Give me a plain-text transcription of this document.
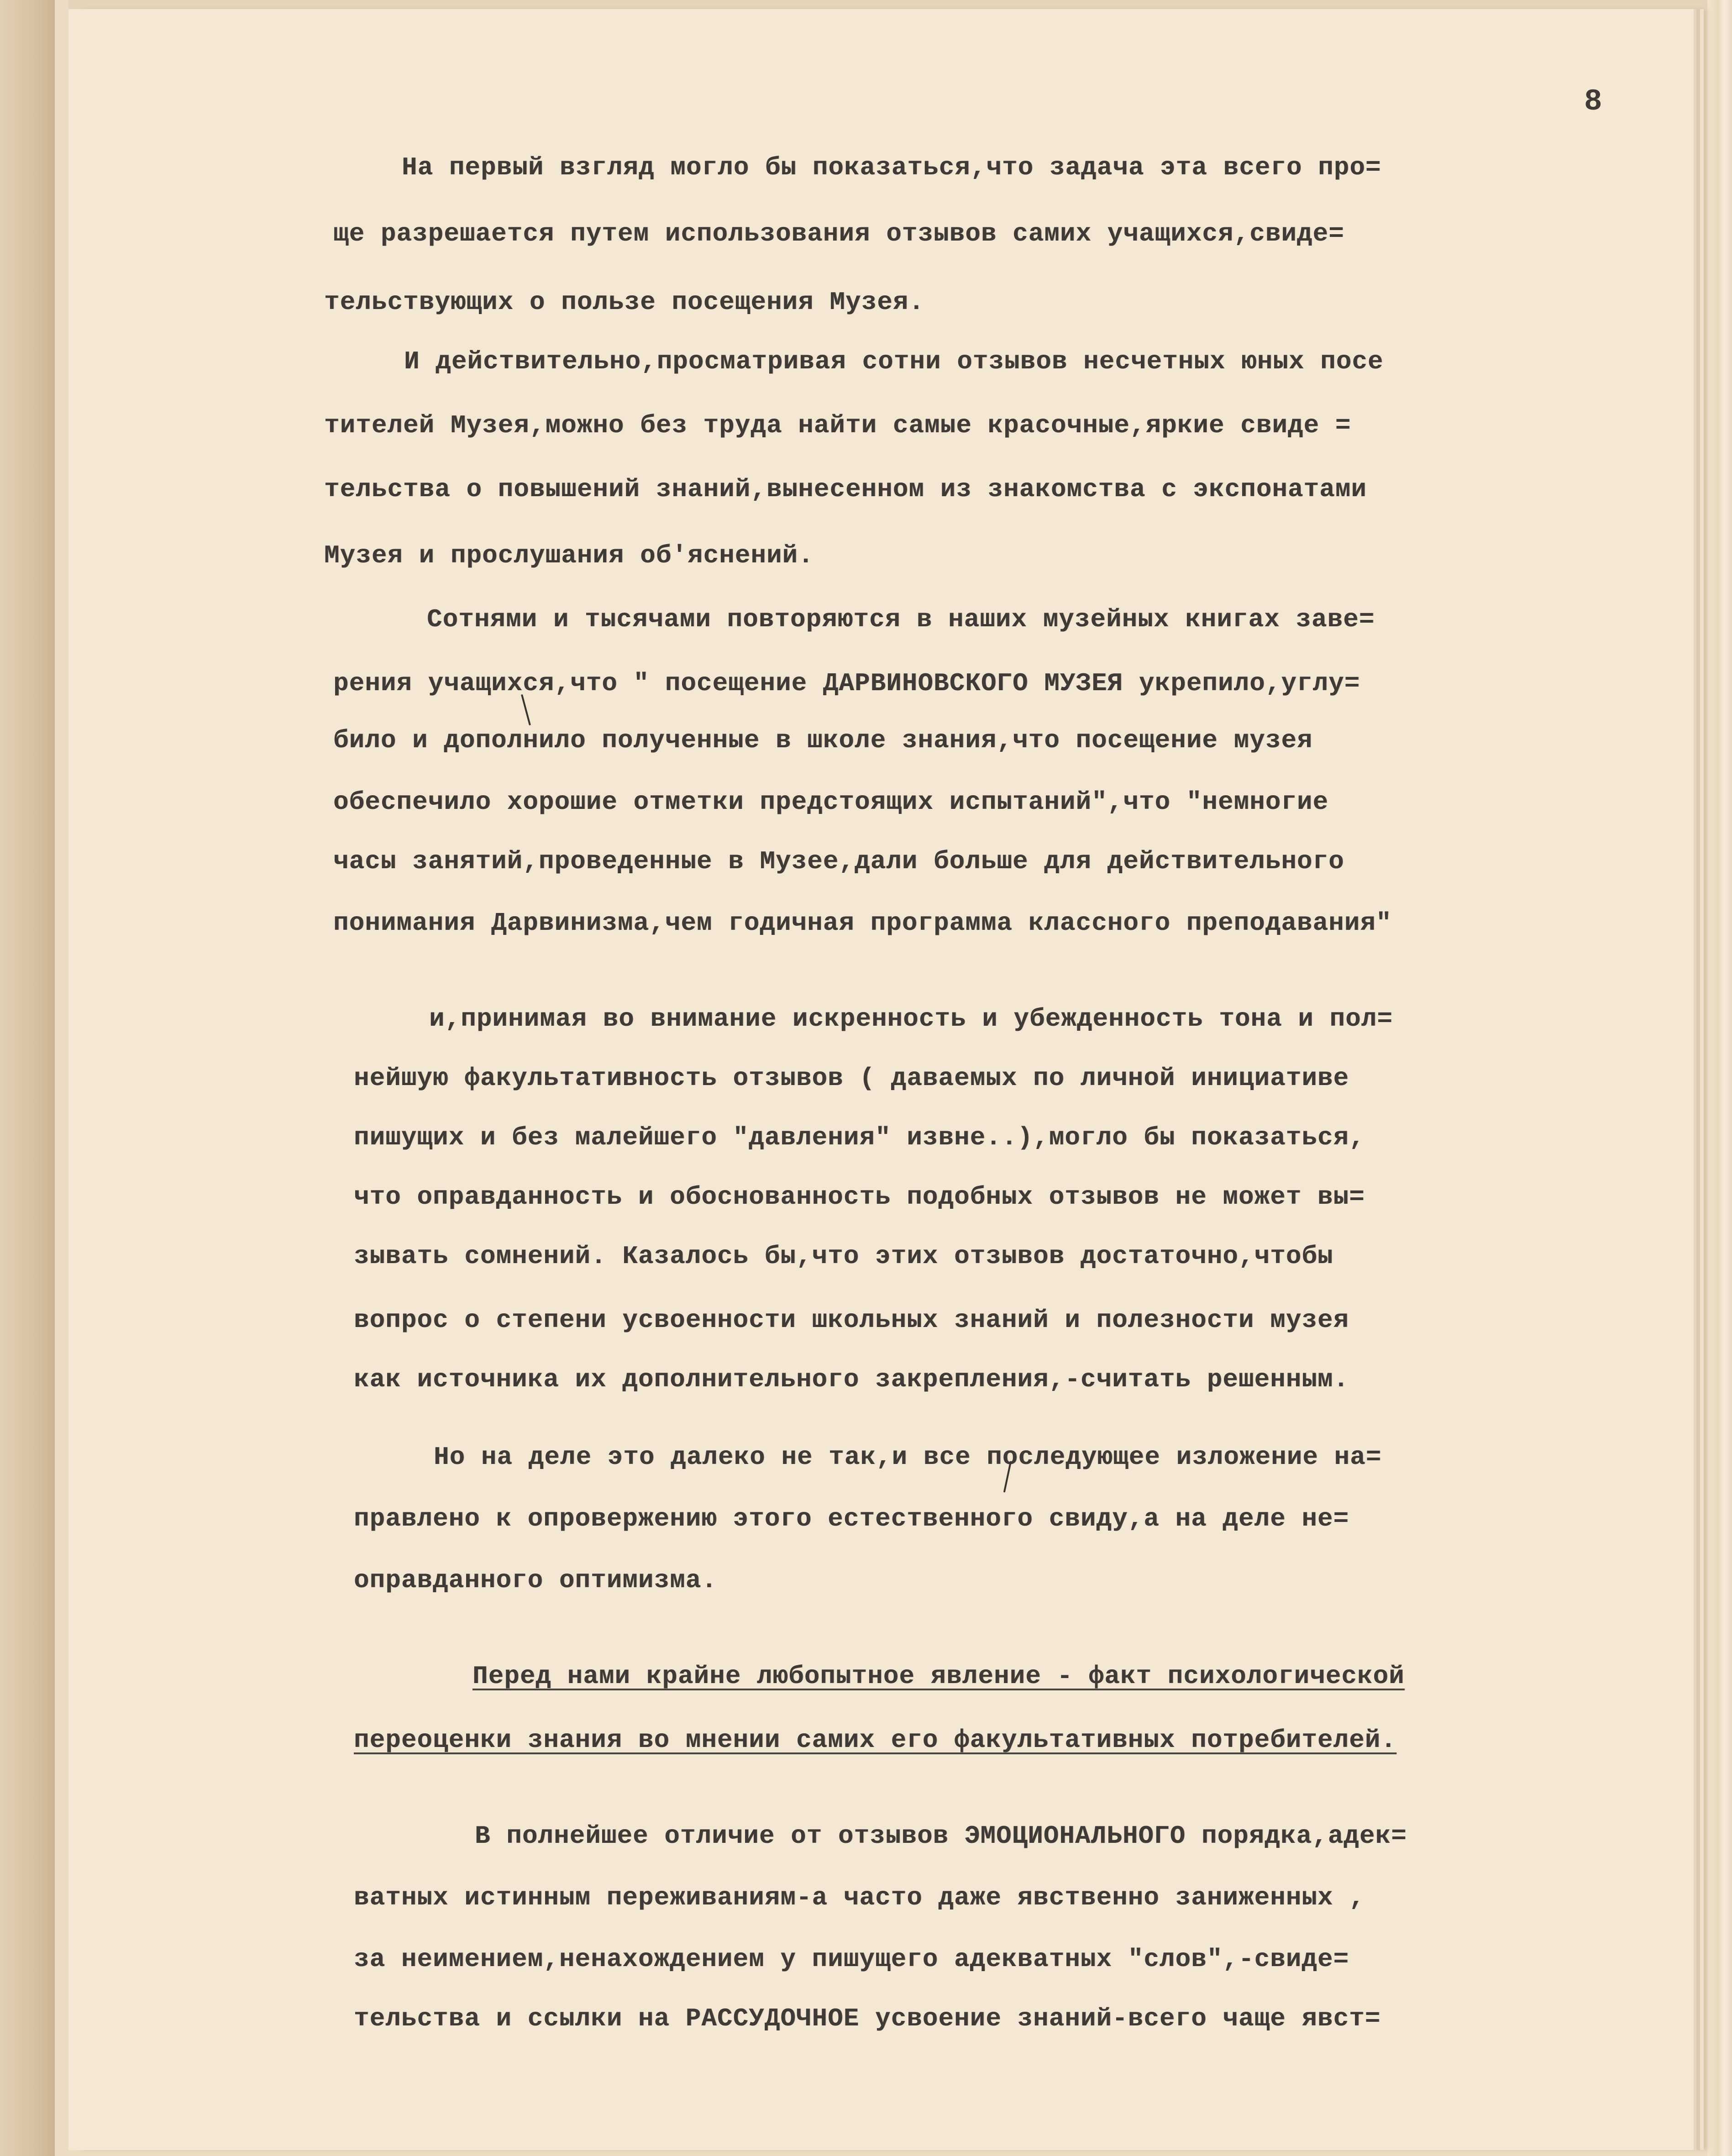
8

На первый взгляд могло бы показаться,что задача эта всего про=

ще разрешается путем использования отзывов самих учащихся,свиде=

тельствующих о пользе посещения Музея.

И действительно,просматривая сотни отзывов несчетных юных посе

тителей Музея,можно без труда найти самые красочные,яркие свиде =

тельства о повышений знаний,вынесенном из знакомства с экспонатами

Музея и прослушания об'яснений.

Сотнями и тысячами повторяются в наших музейных книгах завe=

рения учащихся,что " посещение ДАРВИНОВСКОГО МУЗЕЯ укрепило,углу=

било и дополнило полученные в школе знания,что посещение музея

обеспечило хорошие отметки предстоящих испытаний",что "немногие

часы занятий,проведенные в Музее,дали больше для действительного

понимания Дарвинизма,чем годичная программа классного преподавания"

и,принимая во внимание искренность и убежденность тона и пол=

нейшую факультативность отзывов ( даваемых по личной инициативе

пишущих и без малейшего "давления" извне..),могло бы показаться,

что оправданность и обоснованность подобных отзывов не может вы=

зывать сомнений. Казалось бы,что этих отзывов достаточно,чтобы

вопрос о степени усвоенности школьных знаний и полезности музея

как источника их дополнительного закрепления,-считать решенным.

Но на деле это далеко не так,и все последующее изложение на=

правлено к опровержению этого естественного свиду,а на деле не=

оправданного оптимизма.

Перед нами крайне любопытное явление - факт психологической

переоценки знания во мнении самих его факультативных потребителей.

В полнейшее отличие от отзывов ЭМОЦИОНАЛЬНОГО порядка,адек=

ватных истинным переживаниям-а часто даже явственно заниженных ,

за неимением,ненахождением у пишущего адекватных "слов",-свиде=

тельства и ссылки на РАССУДОЧНОЕ усвоение знаний-всего чаще явст=
